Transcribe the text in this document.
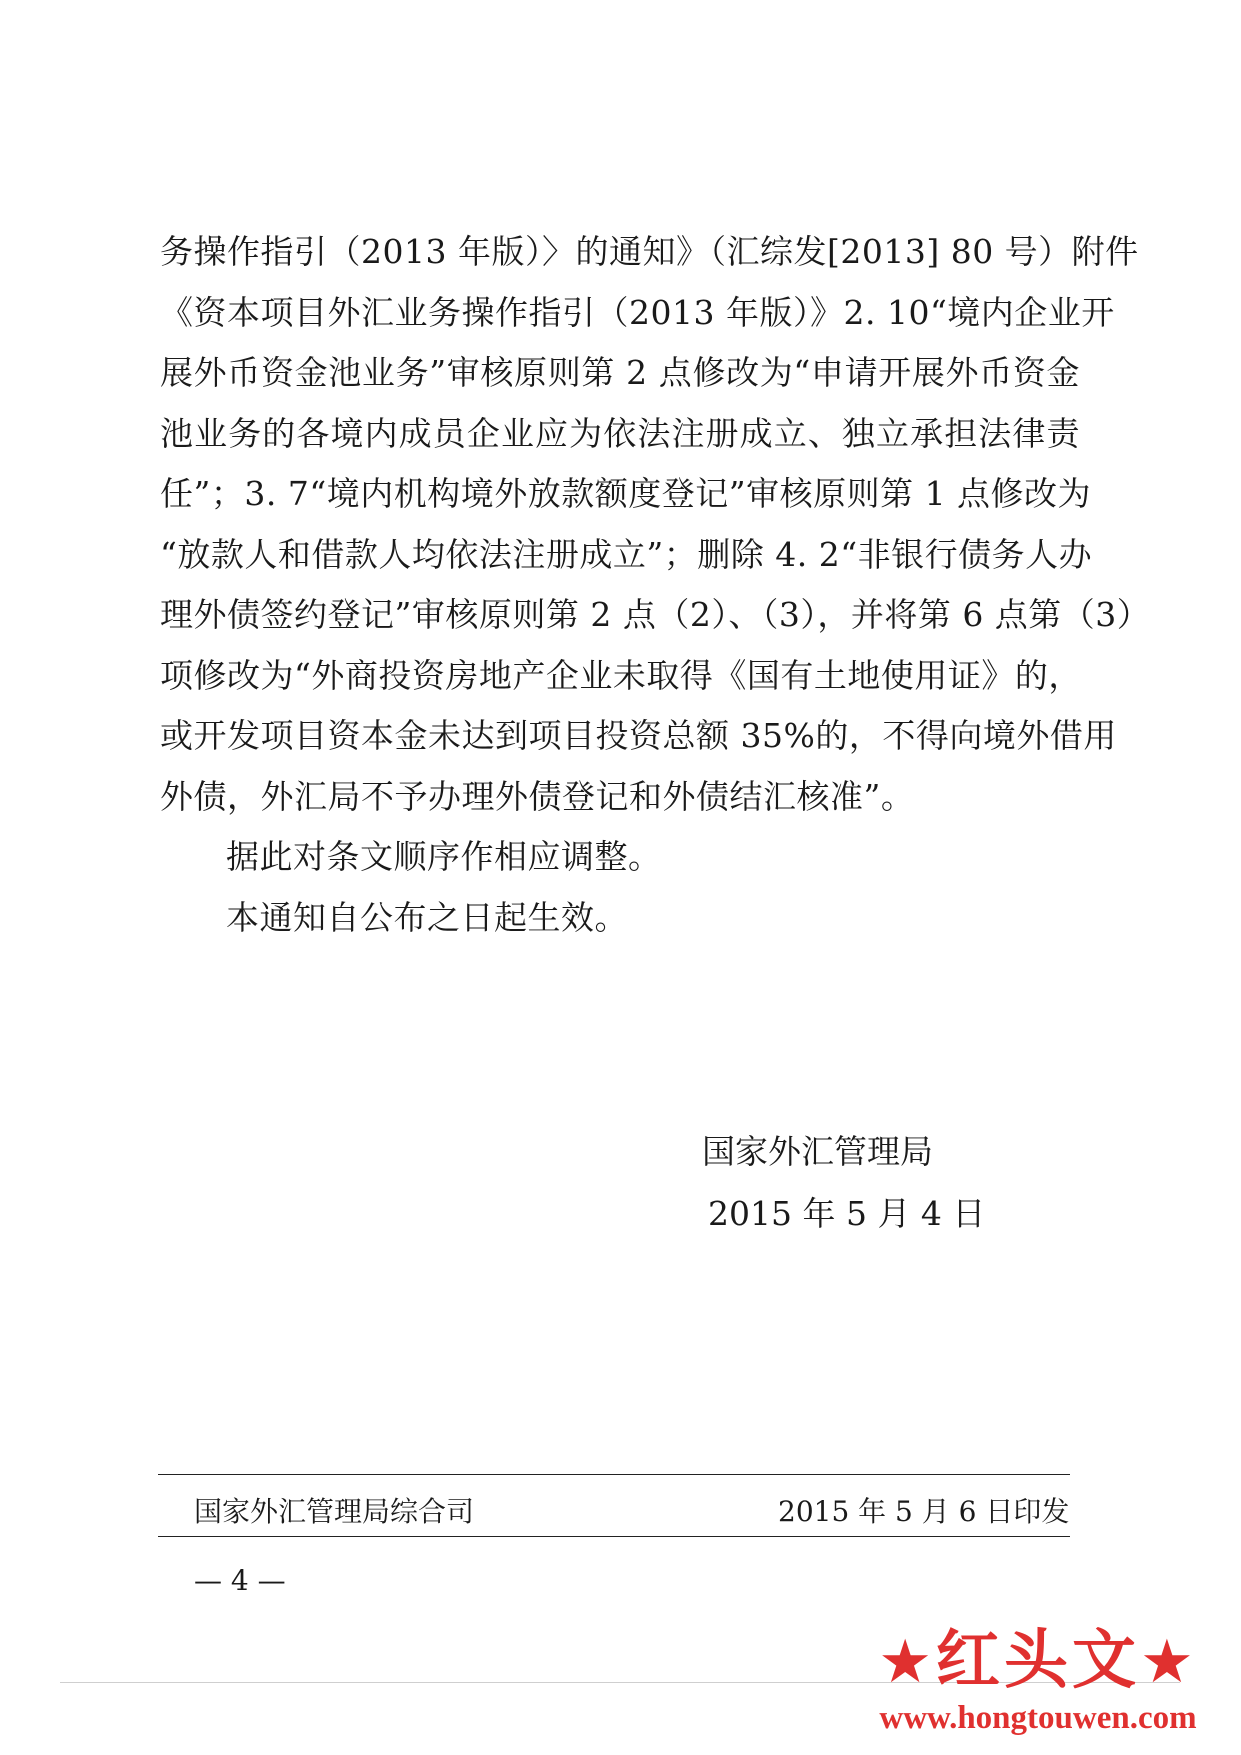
务操作指引（2013 年版）〉的通知》（汇综发[2013] 80 号）附件
《资本项目外汇业务操作指引（2013 年版）》2. 10“境内企业开
展外币资金池业务”审核原则第 2 点修改为“申请开展外币资金
池业务的各境内成员企业应为依法注册成立、独立承担法律责
任”；3. 7“境内机构境外放款额度登记”审核原则第 1 点修改为
“放款人和借款人均依法注册成立”；删除 4. 2“非银行债务人办
理外债签约登记”审核原则第 2 点（2）、（3），并将第 6 点第（3）
项修改为“外商投资房地产企业未取得《国有土地使用证》的，
或开发项目资本金未达到项目投资总额 35%的，不得向境外借用
外债，外汇局不予办理外债登记和外债结汇核准”。
据此对条文顺序作相应调整。
本通知自公布之日起生效。
国家外汇管理局
2015 年 5 月 4 日
国家外汇管理局综合司	2015 年 5 月 6 日印发
— 4 —
★红头文★
www.hongtouwen.com
